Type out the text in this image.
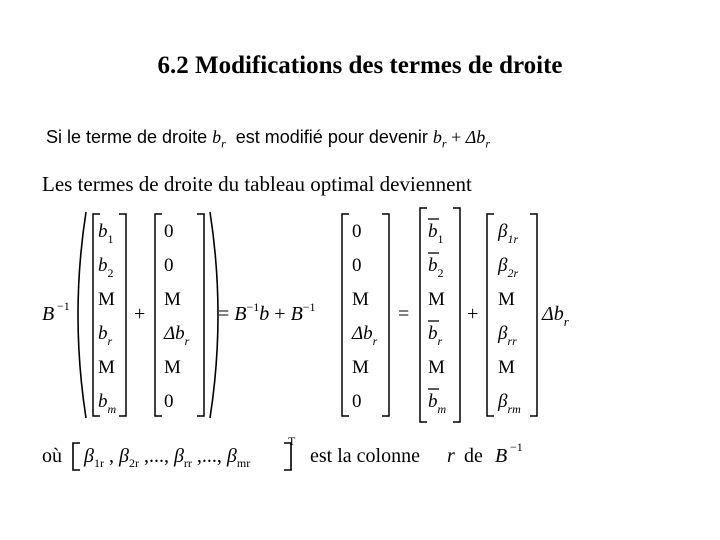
6.2 Modifications des termes de droite
Si le terme de droite $b_r$ est modifié pour devenir $b_r + \Delta b_r$
Les termes de droite du tableau optimal deviennent
B −1
$b_1$
$b_2$
M
$b_r$
M
$b_m$
+
0
0
M
$\Delta b_r$
M
0
= $B^{-1}b + B^{-1}$
0
0
M
$\Delta b_r$
M
0
=
$b_1$
$b_2$
M
$b_r$
M
$b_m$
+
$\beta_{1r}$
$\beta_{2r}$
M
$\beta_{rr}$
M
$\beta_{rm}$
$\Delta b_r$
où $\beta_{1r}$ , $\beta_{2r}$ ,..., $\beta_{rr}$ ,..., $\beta_{mr}$
T
est la colonne r de B −1
